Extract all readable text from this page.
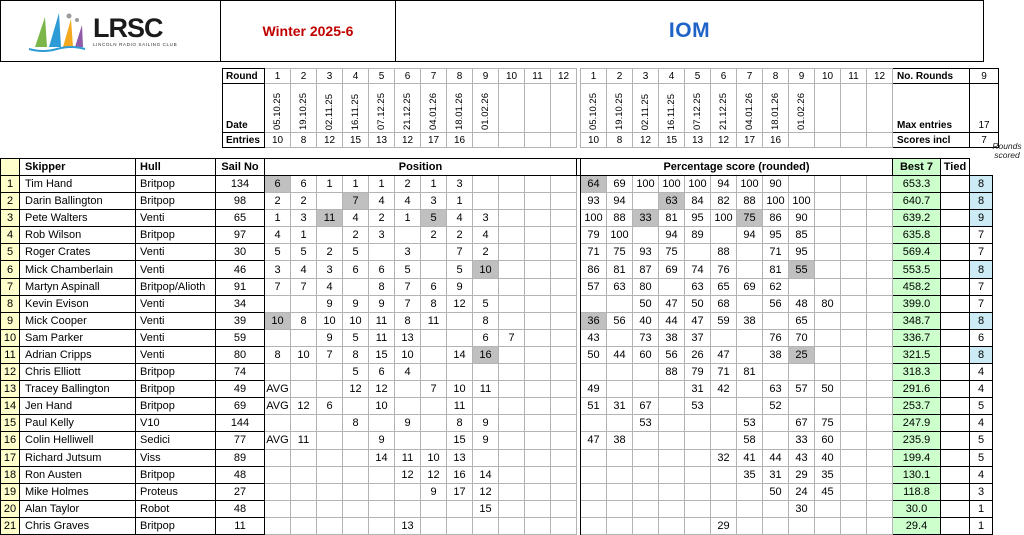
LRSC
LINCOLN RADIO SAILING CLUB
Winter 2025-6	IOM
Round	1	2	3	4	5	6	7	8	9	10	11	12		1	2	3	4	5	6	7	8	9	10	11	12	No. Rounds	9
Date	05.10.25	19.10.25	02.11.25	16.11.25	07.12.25	21.12.25	04.01.26	18.01.26	01.02.26					05.10.25	19.10.25	02.11.25	16.11.25	07.12.25	21.12.25	04.01.26	18.01.26	01.02.26				Max entries	17
Entries	10	8	12	15	13	12	17	16						10	8	12	15	13	12	17	16					Scores incl	7
Rounds
scored
	Skipper	Hull	Sail No	Position													Percentage score (rounded)												Best 7	Tied	
1	Tim Hand	Britpop	134	6	6	1	1	1	2	1	3						64	69	100	100	100	94	100	90					653.3		8
2	Darin Ballington	Britpop	98	2	2		7	4	4	3	1						93	94		63	84	82	88	100	100				640.7		8
3	Pete Walters	Venti	65	1	3	11	4	2	1	5	4	3					100	88	33	81	95	100	75	86	90				639.2		9
4	Rob Wilson	Britpop	97	4	1		2	3		2	2	4					79	100		94	89		94	95	85				635.8		7
5	Roger Crates	Venti	30	5	5	2	5		3		7	2					71	75	93	75		88		71	95				569.4		7
6	Mick Chamberlain	Venti	46	3	4	3	6	6	5		5	10					86	81	87	69	74	76		81	55				553.5		8
7	Martyn Aspinall	Britpop/Alioth	91	7	7	4		8	7	6	9						57	63	80		63	65	69	62					458.2		7
8	Kevin Evison	Venti	34			9	9	9	7	8	12	5							50	47	50	68		56	48	80			399.0		7
9	Mick Cooper	Venti	39	10	8	10	10	11	8	11		8					36	56	40	44	47	59	38		65				348.7		8
10	Sam Parker	Venti	59			9	5	11	13			6	7				43		73	38	37			76	70				336.7		6
11	Adrian Cripps	Venti	80	8	10	7	8	15	10		14	16					50	44	60	56	26	47		38	25				321.5		8
12	Chris Elliott	Britpop	74				5	6	4											88	79	71	81						318.3		4
13	Tracey Ballington	Britpop	49	AVG			12	12		7	10	11					49				31	42		63	57	50			291.6		4
14	Jen Hand	Britpop	69	AVG	12	6		10			11						51	31	67		53			52					253.7		5
15	Paul Kelly	V10	144				8		9		8	9							53				53		67	75			247.9		4
16	Colin Helliwell	Sedici	77	AVG	11			9			15	9					47	38					58		33	60			235.9		5
17	Richard Jutsum	Viss	89					14	11	10	13											32	41	44	43	40			199.4		5
18	Ron Austen	Britpop	48						12	12	16	14											35	31	29	35			130.1		4
19	Mike Holmes	Proteus	27							9	17	12												50	24	45			118.8		3
20	Alan Taylor	Robot	48									15													30				30.0		1
21	Chris Graves	Britpop	11						13													29							29.4		1
